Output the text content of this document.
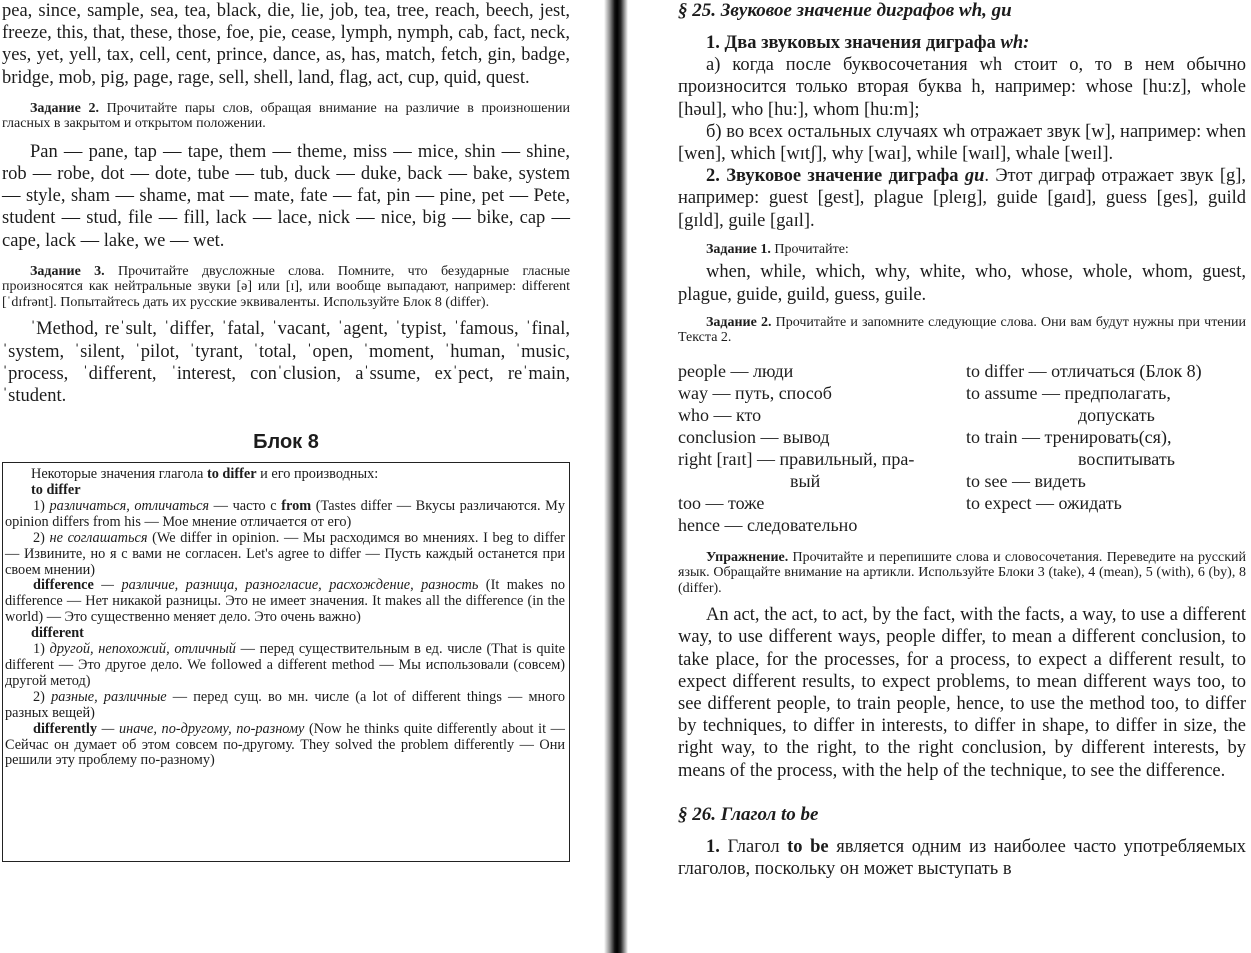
pea, since, sample, sea, tea, black, die, lie, job, tea, tree, reach, beech, jest, freeze, this, that, these, those, foe, pie, cease, lymph, nymph, cab, fact, neck, yes, yet, yell, tax, cell, cent, prince, dance, as, has, match, fetch, gin, badge, bridge, mob, pig, page, rage, sell, shell, land, flag, act, cup, quid, quest.

Задание 2. Прочитайте пары слов, обращая внимание на различие в произношении гласных в закрытом и открытом положении.

Pan — pane, tap — tape, them — theme, miss — mice, shin — shine, rob — robe, dot — dote, tube — tub, duck — duke, back — bake, system — style, sham — shame, mat — mate, fate — fat, pin — pine, pet — Pete, student — stud, file — fill, lack — lace, nick — nice, big — bike, cap — cape, lack — lake, we — wet.

Задание 3. Прочитайте двусложные слова. Помните, что безударные гласные произносятся как нейтральные звуки [ə] или [ɪ], или вообще выпадают, например: different [ˈdɪfrənt]. Попытайтесь дать их русские эквиваленты. Используйте Блок 8 (differ).

ˈMethod, reˈsult, ˈdiffer, ˈfatal, ˈvacant, ˈagent, ˈtypist, ˈfamous, ˈfinal, ˈsystem, ˈsilent, ˈpilot, ˈtyrant, ˈtotal, ˈopen, ˈmoment, ˈhuman, ˈmusic, ˈprocess, ˈdifferent, ˈinterest, conˈclusion, aˈssume, exˈpect, reˈmain, ˈstudent.

Блок 8

Некоторые значения глагола to differ и его производных:

to differ

1) различаться, отличаться — часто с from (Tastes differ — Вкусы различаются. My opinion differs from his — Мое мнение отличается от его)

2) не соглашаться (We differ in opinion. — Мы расходимся во мнениях. I beg to differ — Извините, но я с вами не согласен. Let's agree to differ — Пусть каждый останется при своем мнении)

difference — различие, разница, разногласие, расхождение, разность (It makes no difference — Нет никакой разницы. Это не имеет значения. It makes all the difference (in the world) — Это существенно меняет дело. Это очень важно)

different

1) другой, непохожий, отличный — перед существительным в ед. числе (That is quite different — Это другое дело. We followed a different method — Мы использовали (совсем) другой метод)

2) разные, различные — перед сущ. во мн. числе (a lot of different things — много разных вещей)

differently — иначе, по-другому, по-разному (Now he thinks quite differently about it — Сейчас он думает об этом совсем по-другому. They solved the problem differently — Они решили эту проблему по-разному)

§ 25. Звуковое значение диграфов wh, gu

1. Два звуковых значения диграфа wh:

а) когда после буквосочетания wh стоит o, то в нем обычно произносится только вторая буква h, например: whose [hu:z], whole [həul], who [hu:], whom [hu:m];

б) во всех остальных случаях wh отражает звук [w], например: when [wen], which [wɪtʃ], why [waɪ], while [waɪl], whale [weɪl].

2. Звуковое значение диграфа gu. Этот диграф отражает звук [g], например: guest [gest], plague [pleɪg], guide [gaɪd], guess [ges], guild [gɪld], guile [gaɪl].

Задание 1. Прочитайте:

when, while, which, why, white, who, whose, whole, whom, guest, plague, guide, guild, guess, guile.

Задание 2. Прочитайте и запомните следующие слова. Они вам будут нужны при чтении Текста 2.

people — люди
way — путь, способ
who — кто
conclusion — вывод
right [raɪt] — правильный, пра-
вый
too — тоже
hence — следовательно
to differ — отличаться (Блок 8)
to assume — предполагать,
допускать
to train — тренировать(ся),
воспитывать
to see — видеть
to expect — ожидать

Упражнение. Прочитайте и перепишите слова и словосочетания. Переведите на русский язык. Обращайте внимание на артикли. Используйте Блоки 3 (take), 4 (mean), 5 (with), 6 (by), 8 (differ).

An act, the act, to act, by the fact, with the facts, a way, to use a different way, to use different ways, people differ, to mean a different conclusion, to take place, for the processes, for a process, to expect a different result, to expect different results, to expect problems, to mean different ways too, to see different people, to train people, hence, to use the method too, to differ by techniques, to differ in interests, to differ in shape, to differ in size, the right way, to the right, to the right conclusion, by different interests, by means of the process, with the help of the technique, to see the difference.

§ 26. Глагол to be

1. Глагол to be является одним из наиболее часто употребляемых глаголов, поскольку он может выступать в
